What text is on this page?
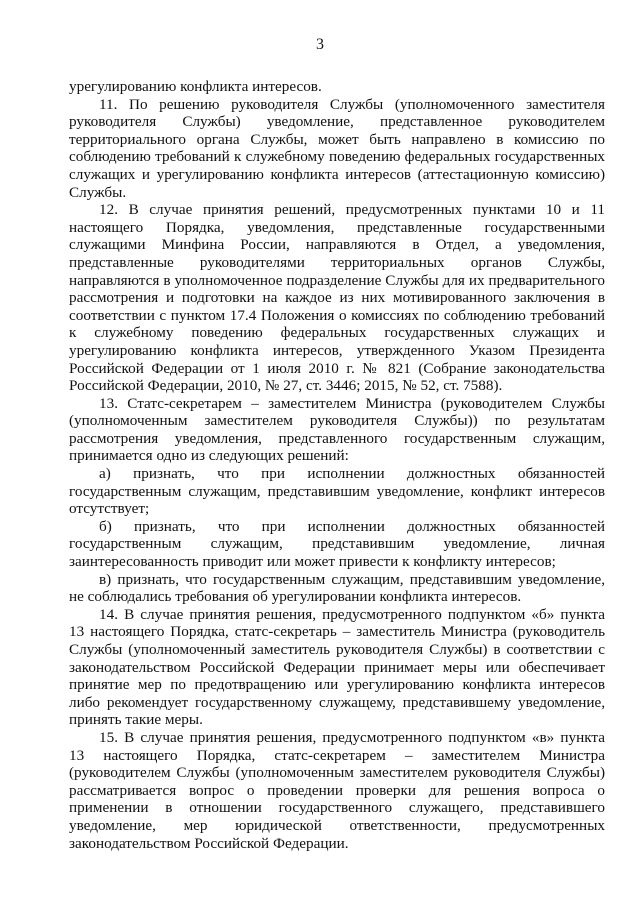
3

урегулированию конфликта интересов.

11. По решению руководителя Службы (уполномоченного заместителя руководителя Службы) уведомление, представленное руководителем территориального органа Службы, может быть направлено в комиссию по соблюдению требований к служебному поведению федеральных государственных служащих и урегулированию конфликта интересов (аттестационную комиссию) Службы.

12. В случае принятия решений, предусмотренных пунктами 10 и 11 настоящего Порядка, уведомления, представленные государственными служащими Минфина России, направляются в Отдел, а уведомления, представленные руководителями территориальных органов Службы, направляются в уполномоченное подразделение Службы для их предварительного рассмотрения и подготовки на каждое из них мотивированного заключения в соответствии с пунктом 17.4 Положения о комиссиях по соблюдению требований к служебному поведению федеральных государственных служащих и урегулированию конфликта интересов, утвержденного Указом Президента Российской Федерации от 1 июля 2010 г. № 821 (Собрание законодательства Российской Федерации, 2010, № 27, ст. 3446; 2015, № 52, ст. 7588).

13. Статс-секретарем – заместителем Министра (руководителем Службы (уполномоченным заместителем руководителя Службы)) по результатам рассмотрения уведомления, представленного государственным служащим, принимается одно из следующих решений:

а) признать, что при исполнении должностных обязанностей государственным служащим, представившим уведомление, конфликт интересов отсутствует;

б) признать, что при исполнении должностных обязанностей государственным служащим, представившим уведомление, личная заинтересованность приводит или может привести к конфликту интересов;

в) признать, что государственным служащим, представившим уведомление, не соблюдались требования об урегулировании конфликта интересов.

14. В случае принятия решения, предусмотренного подпунктом «б» пункта 13 настоящего Порядка, статс-секретарь – заместитель Министра (руководитель Службы (уполномоченный заместитель руководителя Службы) в соответствии с законодательством Российской Федерации принимает меры или обеспечивает принятие мер по предотвращению или урегулированию конфликта интересов либо рекомендует государственному служащему, представившему уведомление, принять такие меры.

15. В случае принятия решения, предусмотренного подпунктом «в» пункта 13 настоящего Порядка, статс-секретарем – заместителем Министра (руководителем Службы (уполномоченным заместителем руководителя Службы) рассматривается вопрос о проведении проверки для решения вопроса о применении в отношении государственного служащего, представившего уведомление, мер юридической ответственности, предусмотренных законодательством Российской Федерации.
